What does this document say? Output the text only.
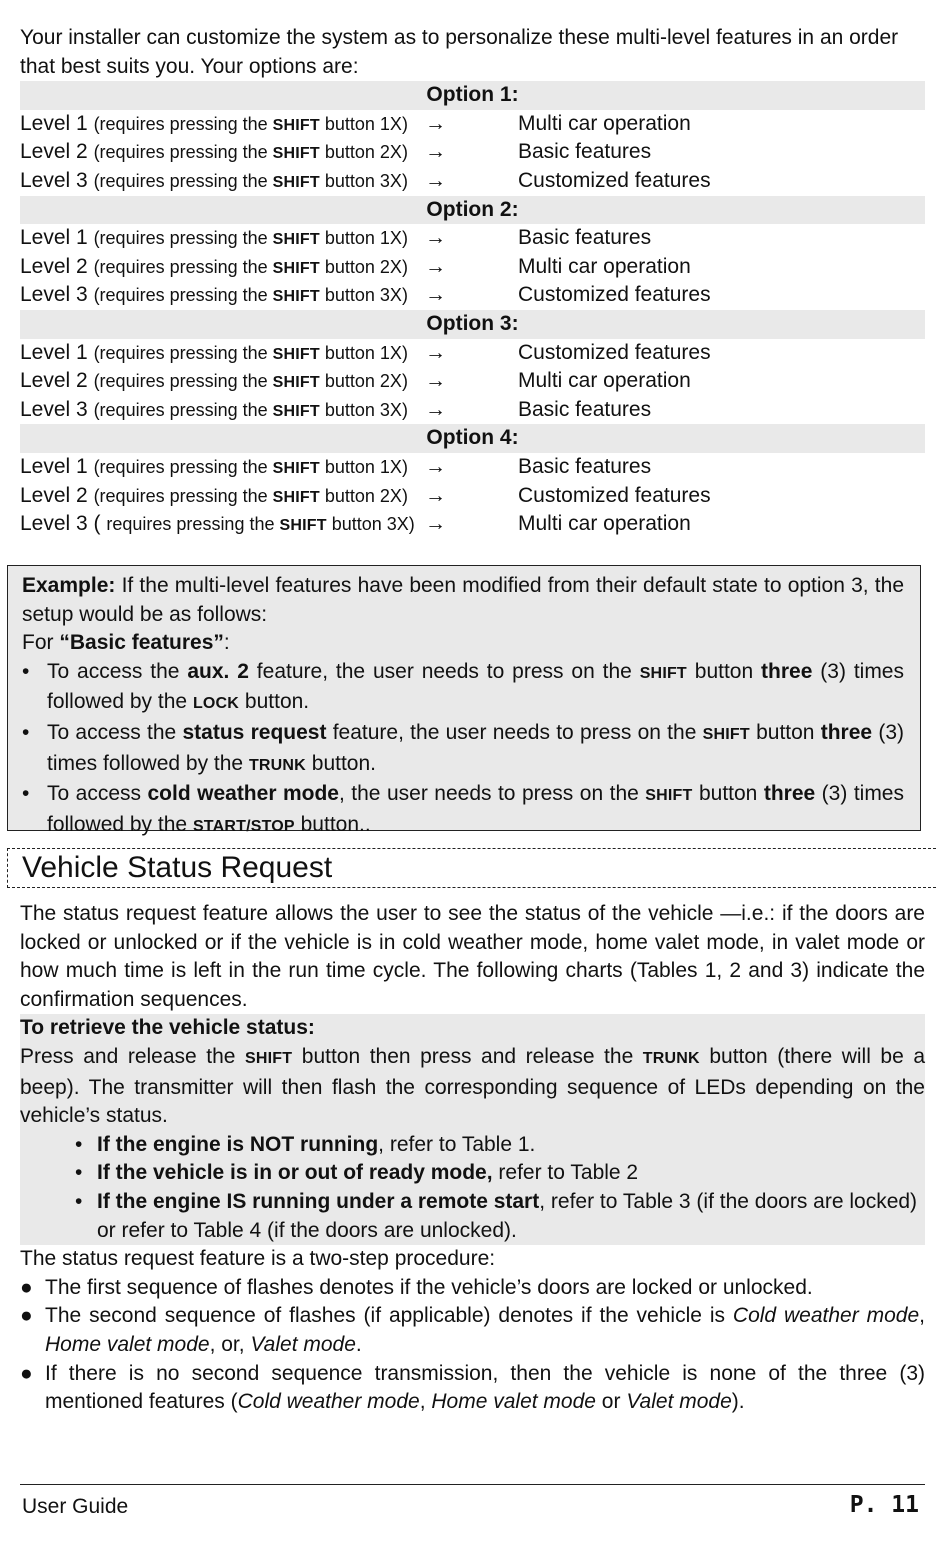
Your installer can customize the system as to personalize these multi-level features in an order that best suits you. Your options are:

Option 1:
Level 1 (requires pressing the SHIFT button 1X) →	Multi car operation
Level 2 (requires pressing the SHIFT button 2X) →	Basic features
Level 3 (requires pressing the SHIFT button 3X) →	Customized features
Option 2:
Level 1 (requires pressing the SHIFT button 1X) →	Basic features
Level 2 (requires pressing the SHIFT button 2X) →	Multi car operation
Level 3 (requires pressing the SHIFT button 3X) →	Customized features
Option 3:
Level 1 (requires pressing the SHIFT button 1X) →	Customized features
Level 2 (requires pressing the SHIFT button 2X) →	Multi car operation
Level 3 (requires pressing the SHIFT button 3X) →	Basic features
Option 4:
Level 1 (requires pressing the SHIFT button 1X) →	Basic features
Level 2 (requires pressing the SHIFT button 2X) →	Customized features
Level 3 ( requires pressing the SHIFT button 3X) →	Multi car operation

Example: If the multi-level features have been modified from their default state to option 3, the setup would be as follows:

For “Basic features”:

• To access the aux. 2 feature, the user needs to press on the SHIFT button three (3) times followed by the LOCK button.
• To access the status request feature, the user needs to press on the SHIFT button three (3) times followed by the TRUNK button.
• To access cold weather mode, the user needs to press on the SHIFT button three (3) times followed by the START/STOP button..
Vehicle Status Request

The status request feature allows the user to see the status of the vehicle —i.e.: if the doors are locked or unlocked or if the vehicle is in cold weather mode, home valet mode, in valet mode or how much time is left in the run time cycle. The following charts (Tables 1, 2 and 3) indicate the confirmation sequences.

To retrieve the vehicle status:

Press and release the SHIFT button then press and release the TRUNK button (there will be a beep). The transmitter will then flash the corresponding sequence of LEDs depending on the vehicle’s status.

• If the engine is NOT running, refer to Table 1.
• If the vehicle is in or out of ready mode, refer to Table 2
• If the engine IS running under a remote start, refer to Table 3 (if the doors are locked) or refer to Table 4 (if the doors are unlocked).

The status request feature is a two-step procedure:

● The first sequence of flashes denotes if the vehicle’s doors are locked or unlocked.
● The second sequence of flashes (if applicable) denotes if the vehicle is Cold weather mode, Home valet mode, or, Valet mode.
● If there is no second sequence transmission, then the vehicle is none of the three (3) mentioned features (Cold weather mode, Home valet mode or Valet mode).
User Guide	P. 11
